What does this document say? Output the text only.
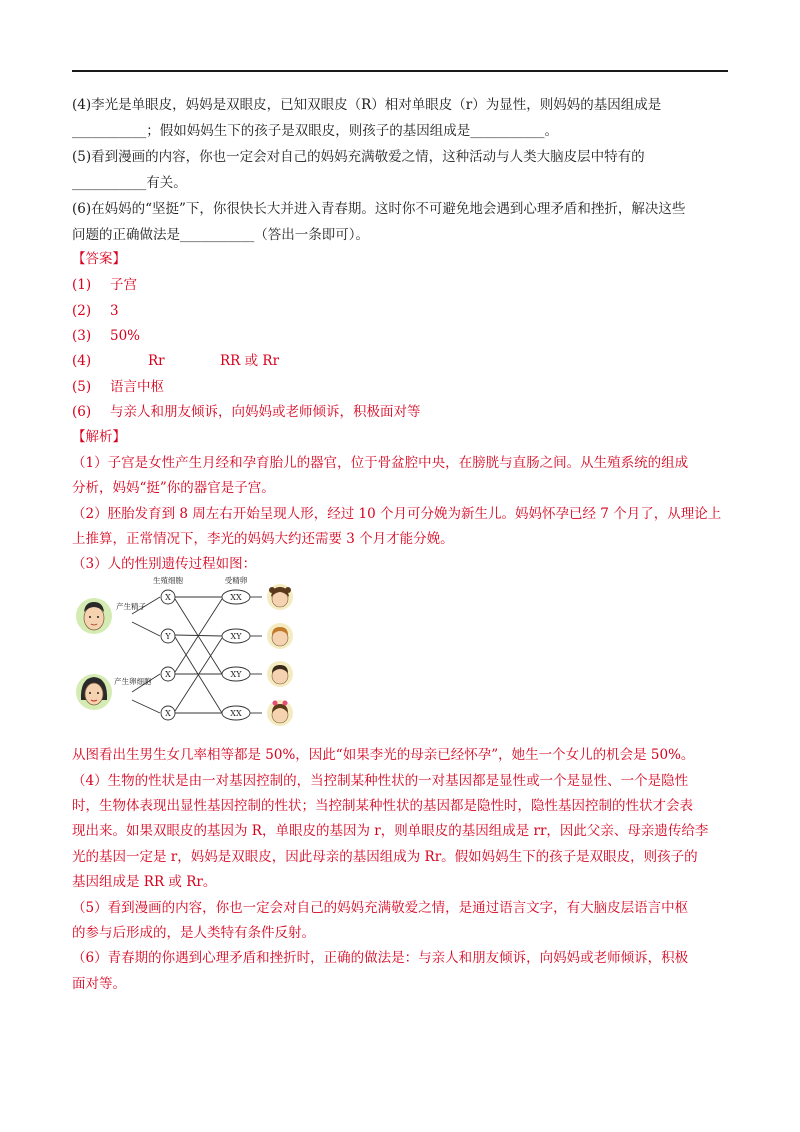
(4)李光是单眼皮，妈妈是双眼皮，已知双眼皮（R）相对单眼皮（r）为显性，则妈妈的基因组成是
___________；假如妈妈生下的孩子是双眼皮，则孩子的基因组成是___________。
(5)看到漫画的内容，你也一定会对自己的妈妈充满敬爱之情，这种活动与人类大脑皮层中特有的
___________有关。
(6)在妈妈的“坚挺”下，你很快长大并进入青春期。这时你不可避免地会遇到心理矛盾和挫折，解决这些
问题的正确做法是___________（答出一条即可）。
【答案】
(1) 子宫
(2) 3
(3) 50%
(4)	Rr	RR 或 Rr
(5) 语言中枢
(6) 与亲人和朋友倾诉，向妈妈或老师倾诉，积极面对等
【解析】
（1）子宫是女性产生月经和孕育胎儿的器官，位于骨盆腔中央，在膀胱与直肠之间。从生殖系统的组成
分析，妈妈“挺”你的器官是子宫。
（2）胚胎发育到 8 周左右开始呈现人形，经过 10 个月可分娩为新生儿。妈妈怀孕已经 7 个月了，从理论上
上推算，正常情况下，李光的妈妈大约还需要 3 个月才能分娩。
（3）人的性别遗传过程如图：
生殖细胞	受精卵
产生精子
产生卵细胞
X
Y
X
X
XX
XY
XY
XX
从图看出生男生女几率相等都是 50%，因此“如果李光的母亲已经怀孕”，她生一个女儿的机会是 50%。
（4）生物的性状是由一对基因控制的，当控制某种性状的一对基因都是显性或一个是显性、一个是隐性
时，生物体表现出显性基因控制的性状；当控制某种性状的基因都是隐性时，隐性基因控制的性状才会表
现出来。如果双眼皮的基因为 R，单眼皮的基因为 r，则单眼皮的基因组成是 rr，因此父亲、母亲遗传给李
光的基因一定是 r，妈妈是双眼皮，因此母亲的基因组成为 Rr。假如妈妈生下的孩子是双眼皮，则孩子的
基因组成是 RR 或 Rr。
（5）看到漫画的内容，你也一定会对自己的妈妈充满敬爱之情，是通过语言文字，有大脑皮层语言中枢
的参与后形成的，是人类特有条件反射。
（6）青春期的你遇到心理矛盾和挫折时，正确的做法是：与亲人和朋友倾诉，向妈妈或老师倾诉，积极
面对等。
